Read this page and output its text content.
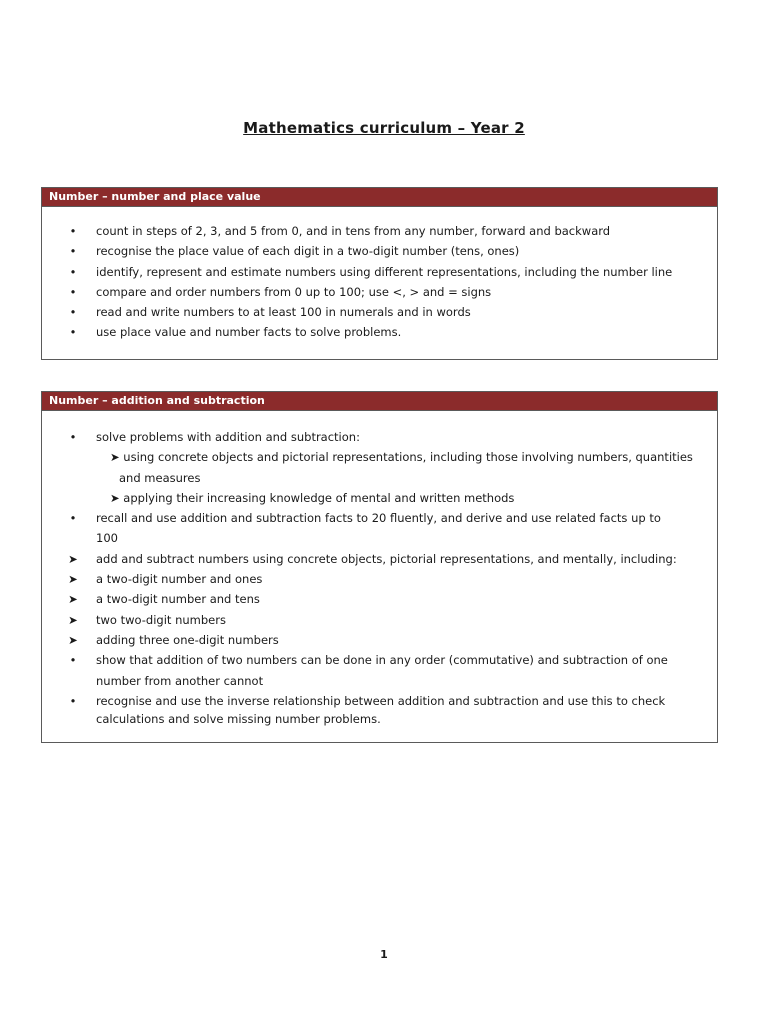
Mathematics curriculum – Year 2
Number – number and place value
•	count in steps of 2, 3, and 5 from 0, and in tens from any number, forward and backward
•	recognise the place value of each digit in a two-digit number (tens, ones)
•	identify, represent and estimate numbers using different representations, including the number line
•	compare and order numbers from 0 up to 100; use <, > and = signs
•	read and write numbers to at least 100 in numerals and in words
•	use place value and number facts to solve problems.
Number – addition and subtraction
•	solve problems with addition and subtraction:
➤ using concrete objects and pictorial representations, including those involving numbers, quantities
and measures
➤ applying their increasing knowledge of mental and written methods
•	recall and use addition and subtraction facts to 20 fluently, and derive and use related facts up to
100
➤ add and subtract numbers using concrete objects, pictorial representations, and mentally, including:
➤ a two-digit number and ones
➤ a two-digit number and tens
➤ two two-digit numbers
➤ adding three one-digit numbers
•	show that addition of two numbers can be done in any order (commutative) and subtraction of one
number from another cannot
•	recognise and use the inverse relationship between addition and subtraction and use this to check
calculations and solve missing number problems.
1
